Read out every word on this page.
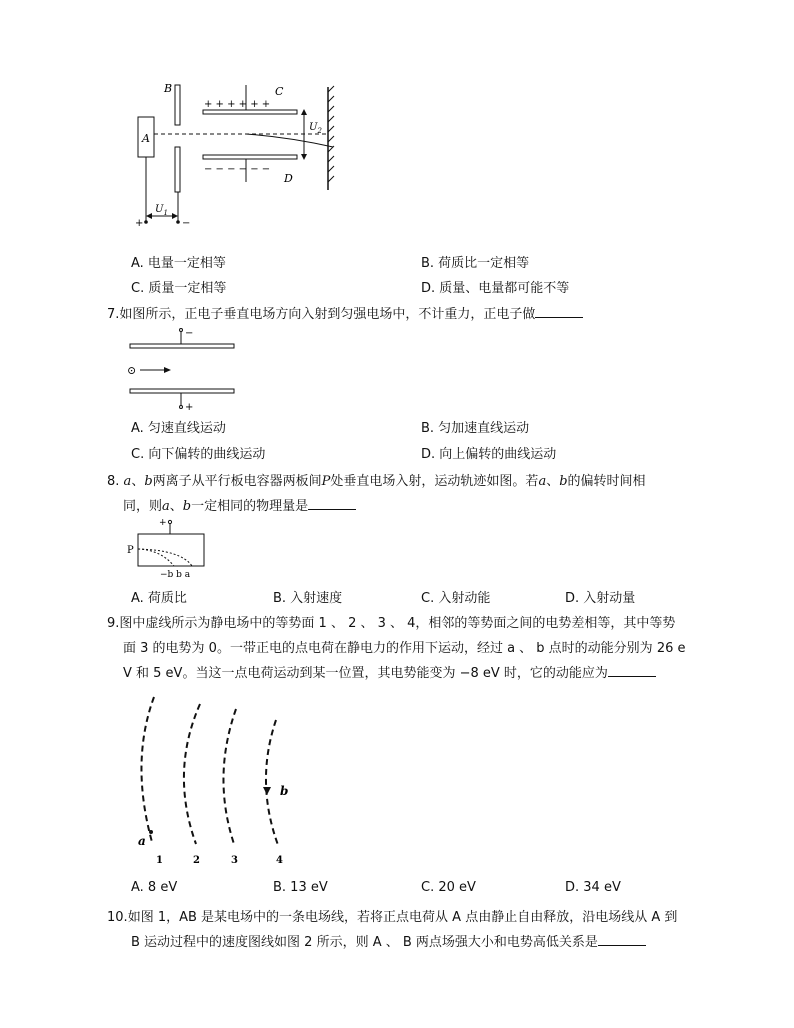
A
B
+ + + + + +
− − − − − −
C
D
$U_2$
$U_1$
+	−
A. 电量一定相等	B. 荷质比一定相等
C. 质量一定相等	D. 质量、电量都可能不等
7.如图所示，正电子垂直电场方向入射到匀强电场中，不计重力，正电子做
−
⊙
+
A. 匀速直线运动	B. 匀加速直线运动
C. 向下偏转的曲线运动	D. 向上偏转的曲线运动
8. a、b两离子从平行板电容器两板间P处垂直电场入射，运动轨迹如图。若a、b的偏转时间相
同，则a、b一定相同的物理量是
+
P
−b b a
A. 荷质比	B. 入射速度	C. 入射动能	D. 入射动量
9.图中虚线所示为静电场中的等势面 1 、 2 、 3 、 4，相邻的等势面之间的电势差相等，其中等势
面 3 的电势为 0。一带正电的点电荷在静电力的作用下运动，经过 a 、 b 点时的动能分别为 26 e
V 和 5 eV。当这一点电荷运动到某一位置，其电势能变为 −8 eV 时，它的动能应为
a
b
1	2	3	4
A. 8 eV	B. 13 eV	C. 20 eV	D. 34 eV
10.如图 1，AB 是某电场中的一条电场线，若将正点电荷从 A 点由静止自由释放，沿电场线从 A 到
B 运动过程中的速度图线如图 2 所示，则 A 、 B 两点场强大小和电势高低关系是
